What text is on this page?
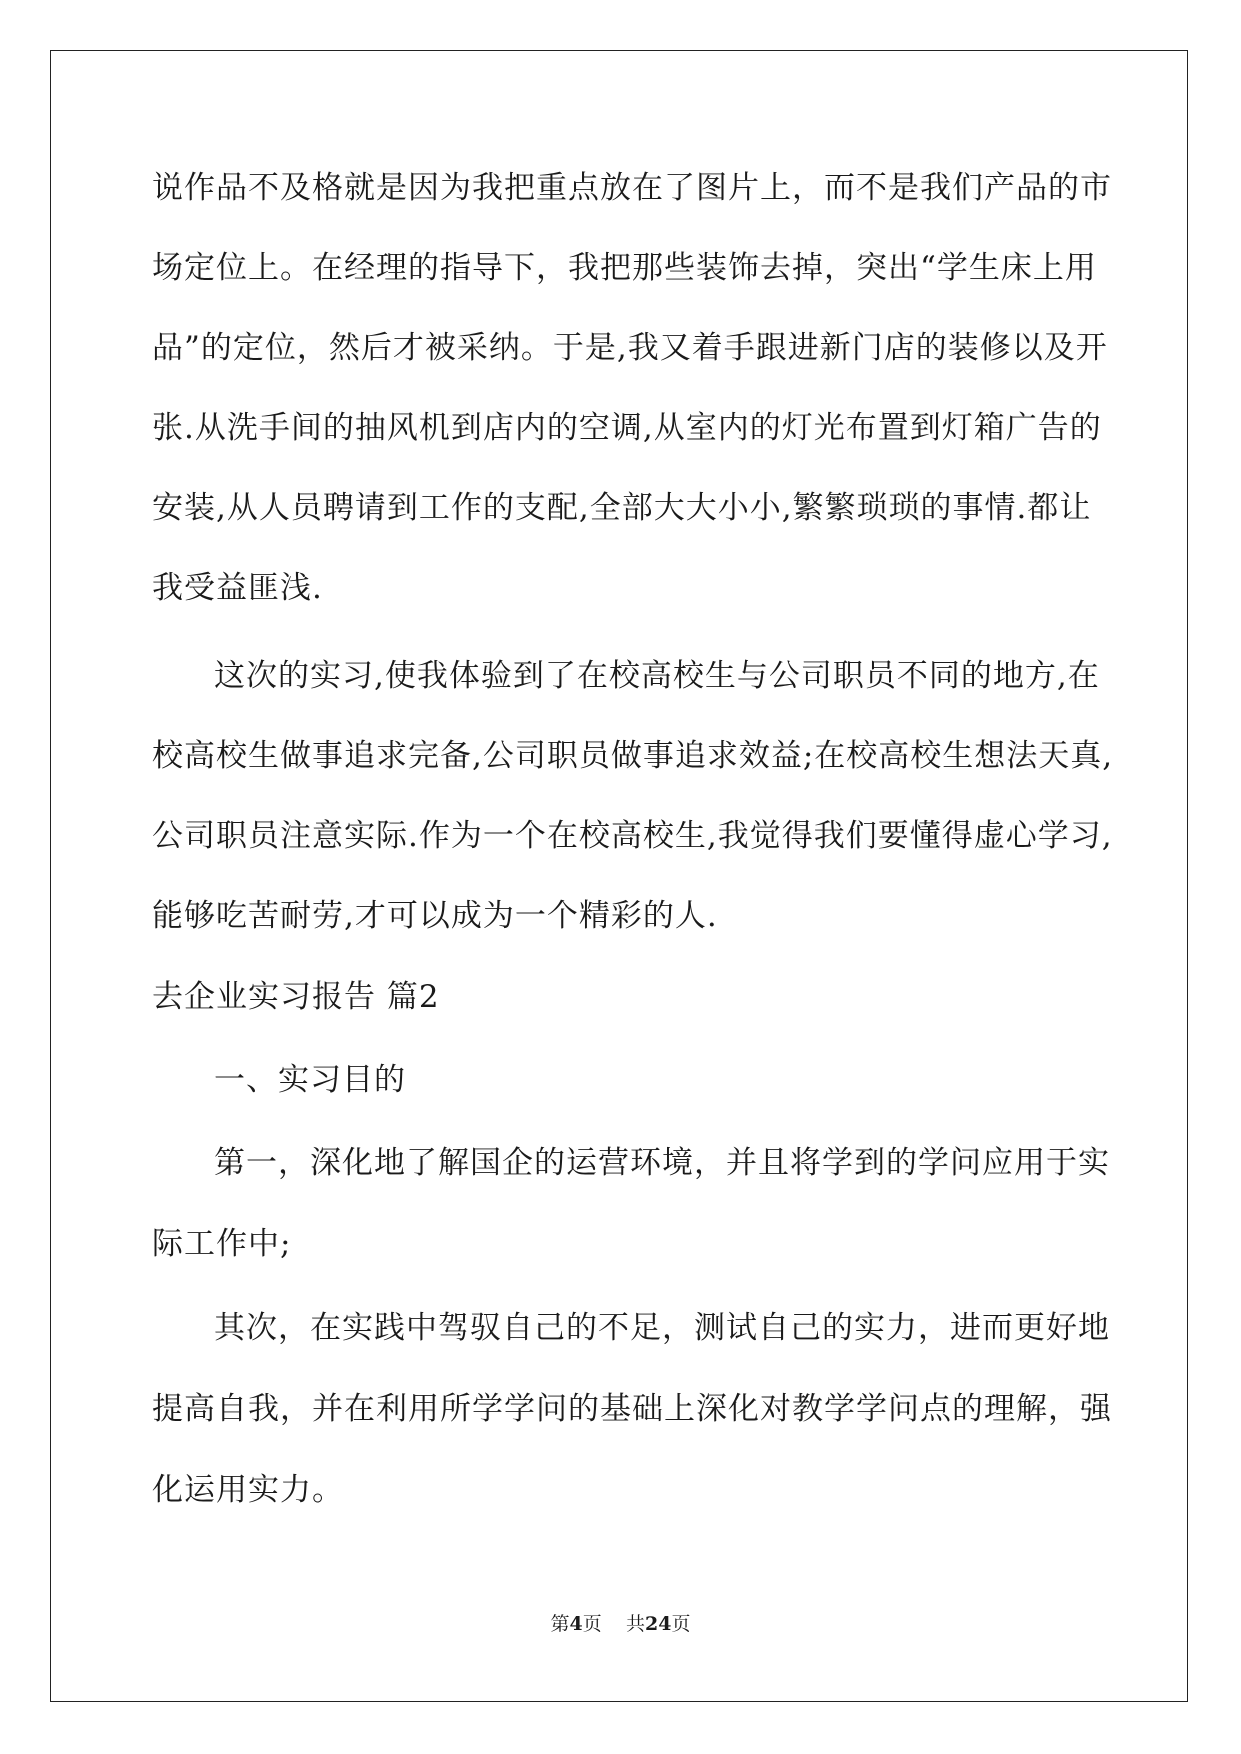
说作品不及格就是因为我把重点放在了图片上，而不是我们产品的市
场定位上。在经理的指导下，我把那些装饰去掉，突出“学生床上用
品”的定位，然后才被采纳。于是,我又着手跟进新门店的装修以及开
张.从洗手间的抽风机到店内的空调,从室内的灯光布置到灯箱广告的
安装,从人员聘请到工作的支配,全部大大小小,繁繁琐琐的事情.都让
我受益匪浅.
这次的实习,使我体验到了在校高校生与公司职员不同的地方,在
校高校生做事追求完备,公司职员做事追求效益;在校高校生想法天真,
公司职员注意实际.作为一个在校高校生,我觉得我们要懂得虚心学习,
能够吃苦耐劳,才可以成为一个精彩的人.
去企业实习报告 篇2
一、实习目的
第一，深化地了解国企的运营环境，并且将学到的学问应用于实
际工作中;
其次，在实践中驾驭自己的不足，测试自己的实力，进而更好地
提高自我，并在利用所学学问的基础上深化对教学学问点的理解，强
化运用实力。
第4页 共24页
